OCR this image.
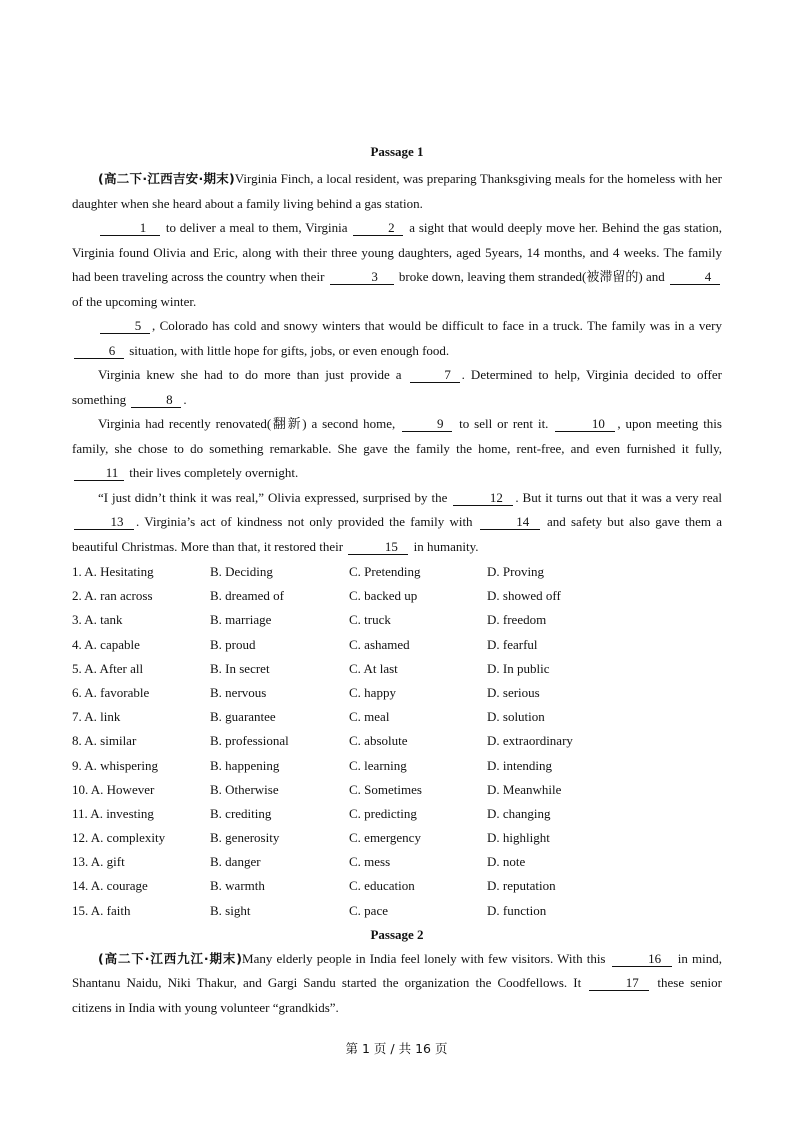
Passage 1

(高二下·江西吉安·期末)Virginia Finch, a local resident, was preparing Thanksgiving meals for the homeless with her daughter when she heard about a family living behind a gas station.

1 to deliver a meal to them, Virginia	2 a sight that would deeply move her. Behind the gas station, Virginia found Olivia and Eric, along with their three young daughters, aged 5years, 14 months, and 4 weeks. The family had been traveling across the country when their	3 broke down, leaving them stranded(被滞留的) and	4 of the upcoming winter.

5 , Colorado has cold and snowy winters that would be difficult to face in a truck. The family was in a very 6 situation, with little hope for gifts, jobs, or even enough food.

Virginia knew she had to do more than just provide a	7 . Determined to help, Virginia decided to offer something	8 .

Virginia had recently renovated(翻新) a second home,	9 to sell or rent it.	10 , upon meeting this family, she chose to do something remarkable. She gave the family the home, rent-free, and even furnished it fully, 11 their lives completely overnight.

“I just didn’t think it was real,” Olivia expressed, surprised by the	12 . But it turns out that it was a very real 13 . Virginia’s act of kindness not only provided the family with	14 and safety but also gave them a beautiful Christmas. More than that, it restored their	15 in humanity.

1. A. Hesitating	B. Deciding	C. Pretending	D. Proving
2. A. ran across	B. dreamed of	C. backed up	D. showed off
3. A. tank	B. marriage	C. truck	D. freedom
4. A. capable	B. proud	C. ashamed	D. fearful
5. A. After all	B. In secret	C. At last	D. In public
6. A. favorable	B. nervous	C. happy	D. serious
7. A. link	B. guarantee	C. meal	D. solution
8. A. similar	B. professional	C. absolute	D. extraordinary
9. A. whispering	B. happening	C. learning	D. intending
10. A. However	B. Otherwise	C. Sometimes	D. Meanwhile
11. A. investing	B. crediting	C. predicting	D. changing
12. A. complexity	B. generosity	C. emergency	D. highlight
13. A. gift	B. danger	C. mess	D. note
14. A. courage	B. warmth	C. education	D. reputation
15. A. faith	B. sight	C. pace	D. function
Passage 2

(高二下·江西九江·期末)Many elderly people in India feel lonely with few visitors. With this	16 in mind, Shantanu Naidu, Niki Thakur, and Gargi Sandu started the organization the Coodfellows. It	17 these senior citizens in India with young volunteer “grandkids”.

第 1 页 / 共 16 页
